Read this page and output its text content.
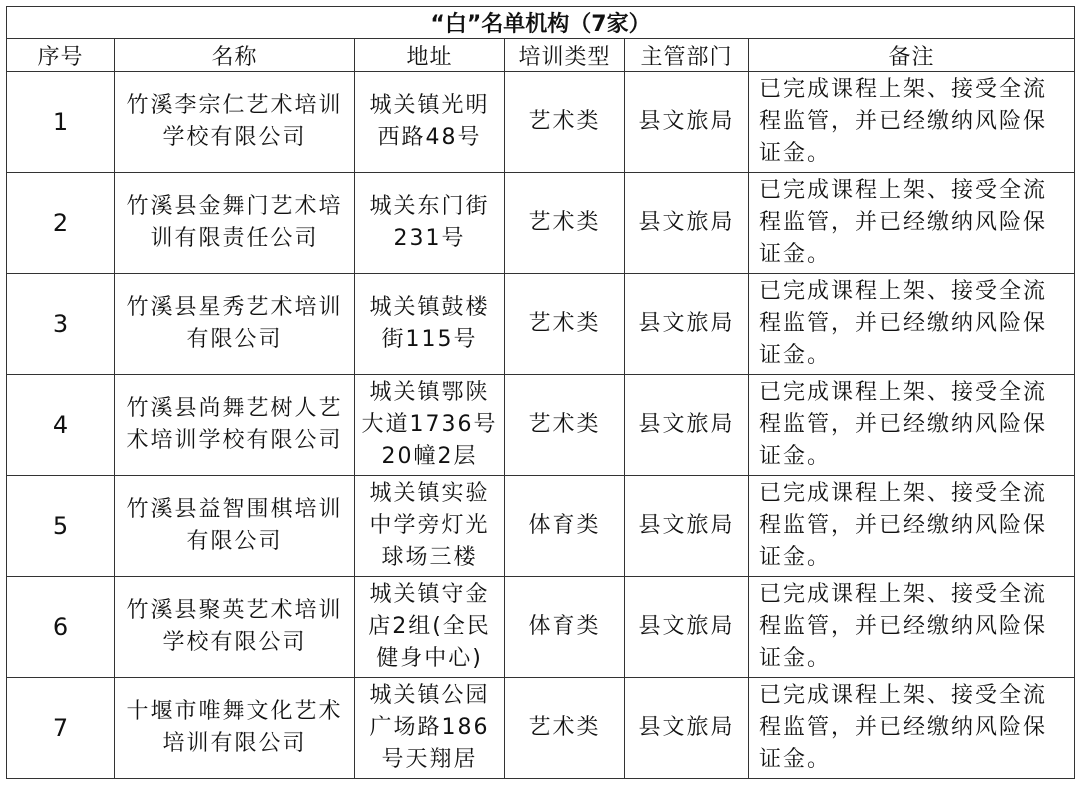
“白”名单机构（7家）					
序号	名称	地址	培训类型	主管部门	备注
1	竹溪李宗仁艺术培训学校有限公司	城关镇光明西路48号	艺术类	县文旅局	已完成课程上架、接受全流程监管，并已经缴纳风险保证金。
2	竹溪县金舞门艺术培训有限责任公司	城关东门街231号	艺术类	县文旅局	已完成课程上架、接受全流程监管，并已经缴纳风险保证金。
3	竹溪县星秀艺术培训有限公司	城关镇鼓楼街115号	艺术类	县文旅局	已完成课程上架、接受全流程监管，并已经缴纳风险保证金。
4	竹溪县尚舞艺树人艺术培训学校有限公司	城关镇鄂陕大道1736号20幢2层	艺术类	县文旅局	已完成课程上架、接受全流程监管，并已经缴纳风险保证金。
5	竹溪县益智围棋培训有限公司	城关镇实验中学旁灯光球场三楼	体育类	县文旅局	已完成课程上架、接受全流程监管，并已经缴纳风险保证金。
6	竹溪县聚英艺术培训学校有限公司	城关镇守金店2组(全民健身中心)	体育类	县文旅局	已完成课程上架、接受全流程监管，并已经缴纳风险保证金。
7	十堰市唯舞文化艺术培训有限公司	城关镇公园广场路186号天翔居	艺术类	县文旅局	已完成课程上架、接受全流程监管，并已经缴纳风险保证金。
